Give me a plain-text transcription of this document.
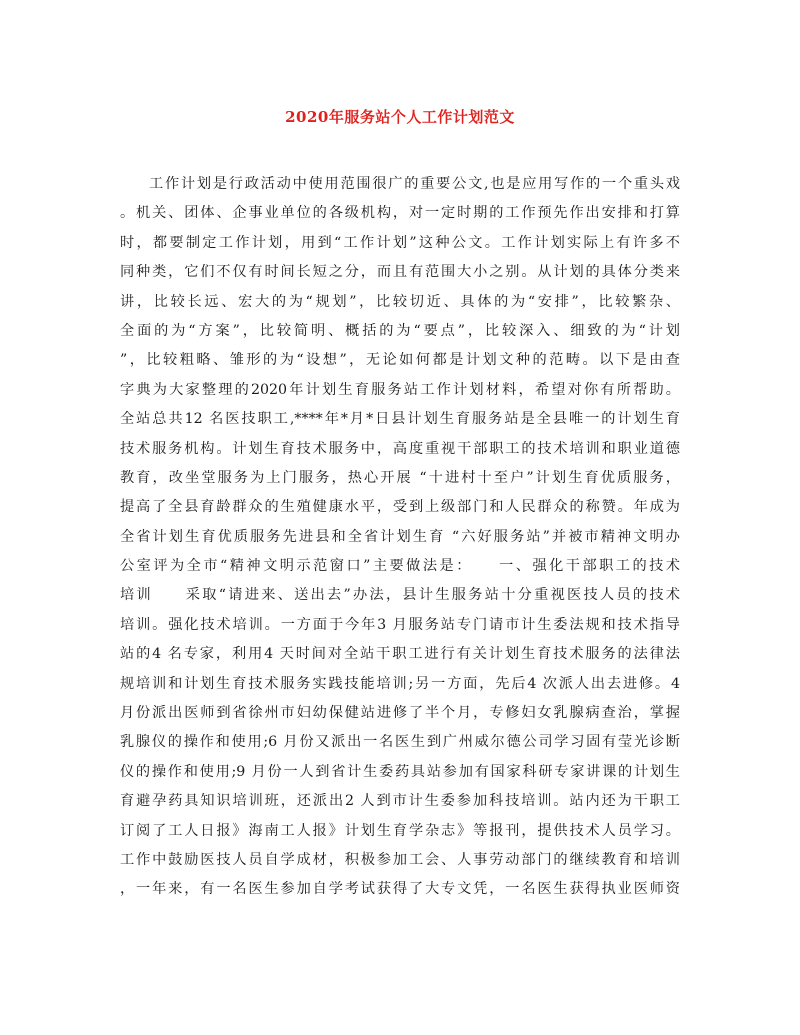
2020年服务站个人工作计划范文
工作计划是行政活动中使用范围很广的重要公文,也是应用写作的一个重头戏
。机关、团体、企事业单位的各级机构，对一定时期的工作预先作出安排和打算
时，都要制定工作计划，用到“工作计划”这种公文。工作计划实际上有许多不
同种类，它们不仅有时间长短之分，而且有范围大小之别。从计划的具体分类来
讲，比较长远、宏大的为“规划”，比较切近、具体的为“安排”，比较繁杂、
全面的为“方案”，比较简明、概括的为“要点”，比较深入、细致的为“计划
”，比较粗略、雏形的为“设想”，无论如何都是计划文种的范畴。以下是由查
字典为大家整理的2020年计划生育服务站工作计划材料，希望对你有所帮助。
全站总共12 名医技职工,****年*月*日县计划生育服务站是全县唯一的计划生育
技术服务机构。计划生育技术服务中，高度重视干部职工的技术培训和职业道德
教育，改坐堂服务为上门服务，热心开展 “十进村十至户”计划生育优质服务，
提高了全县育龄群众的生殖健康水平，受到上级部门和人民群众的称赞。年成为
全省计划生育优质服务先进县和全省计划生育 “六好服务站”并被市精神文明办
公室评为全市“精神文明示范窗口”主要做法是：　　一、强化干部职工的技术
培训　　采取“请进来、送出去”办法，县计生服务站十分重视医技人员的技术
培训。强化技术培训。一方面于今年3 月服务站专门请市计生委法规和技术指导
站的4 名专家，利用4 天时间对全站干职工进行有关计划生育技术服务的法律法
规培训和计划生育技术服务实践技能培训;另一方面，先后4 次派人出去进修。4
月份派出医师到省徐州市妇幼保健站进修了半个月，专修妇女乳腺病查治，掌握
乳腺仪的操作和使用;6 月份又派出一名医生到广州威尔德公司学习固有莹光诊断
仪的操作和使用;9 月份一人到省计生委药具站参加有国家科研专家讲课的计划生
育避孕药具知识培训班，还派出2 人到市计生委参加科技培训。站内还为干职工
订阅了工人日报》海南工人报》计划生育学杂志》等报刊，提供技术人员学习。
工作中鼓励医技人员自学成材，积极参加工会、人事劳动部门的继续教育和培训
，一年来，有一名医生参加自学考试获得了大专文凭，一名医生获得执业医师资
